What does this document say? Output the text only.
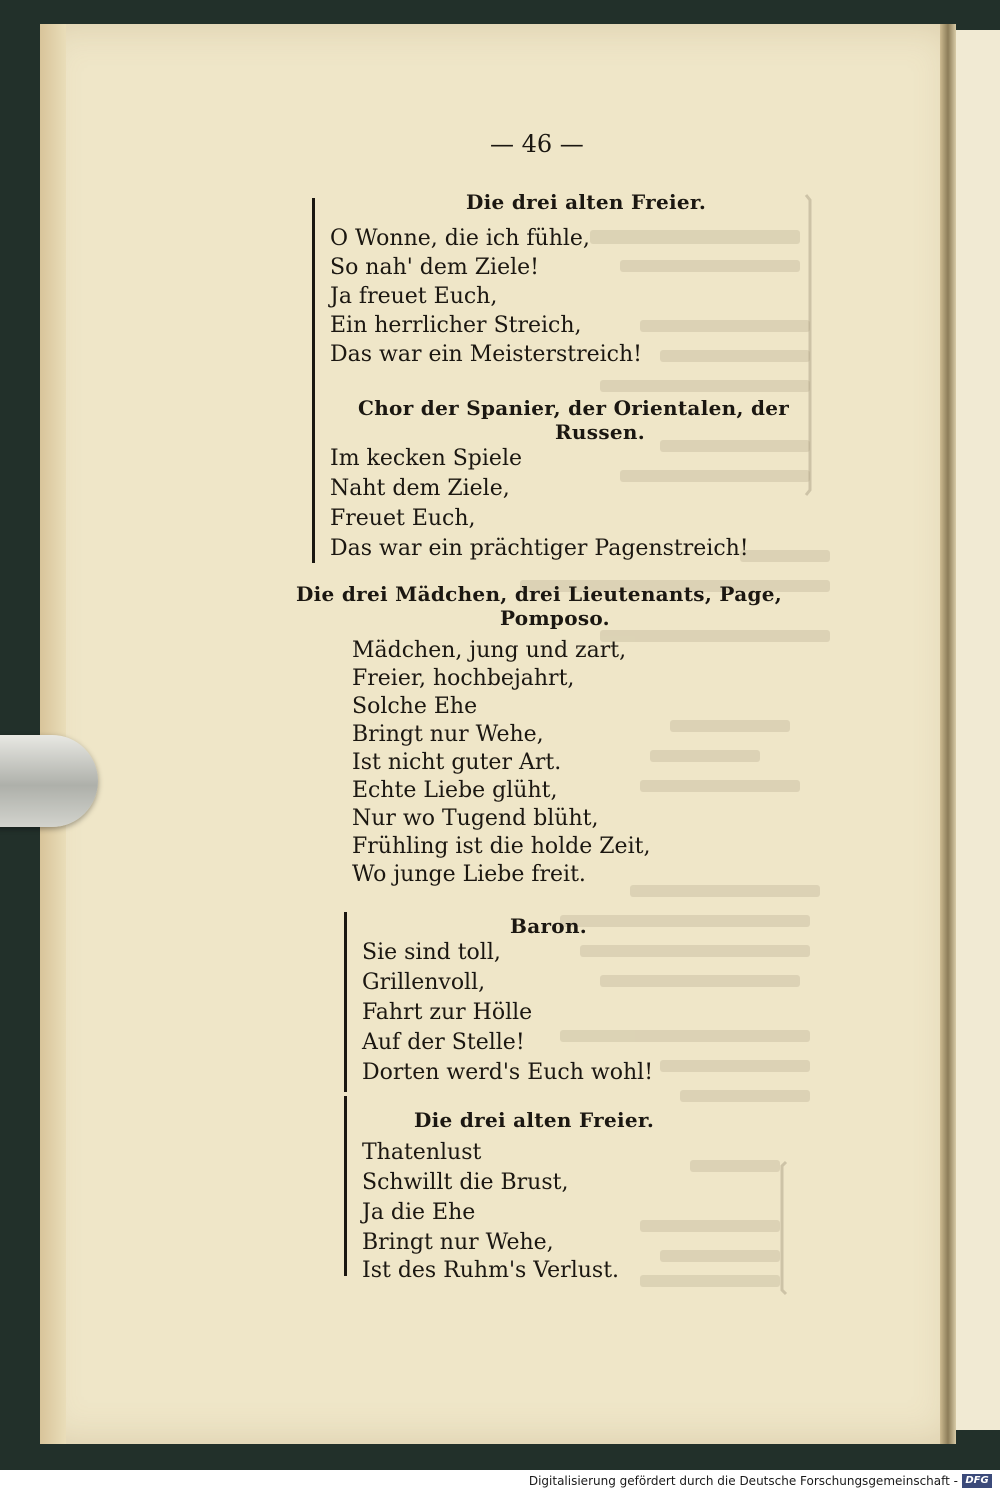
— 46 —
Die drei alten Freier.
O Wonne, die ich fühle,
So nah' dem Ziele!
Ja freuet Euch,
Ein herrlicher Streich,
Das war ein Meisterstreich!
Chor der Spanier, der Orientalen, der
Russen.
Im kecken Spiele
Naht dem Ziele,
Freuet Euch,
Das war ein prächtiger Pagenstreich!
Die drei Mädchen, drei Lieutenants, Page,
Pomposo.
Mädchen, jung und zart,
Freier, hochbejahrt,
Solche Ehe
Bringt nur Wehe,
Ist nicht guter Art.
Echte Liebe glüht,
Nur wo Tugend blüht,
Frühling ist die holde Zeit,
Wo junge Liebe freit.
Baron.
Sie sind toll,
Grillenvoll,
Fahrt zur Hölle
Auf der Stelle!
Dorten werd's Euch wohl!
Die drei alten Freier.
Thatenlust
Schwillt die Brust,
Ja die Ehe
Bringt nur Wehe,
Ist des Ruhm's Verlust.
Digitalisierung gefördert durch die Deutsche Forschungsgemeinschaft - DFG
